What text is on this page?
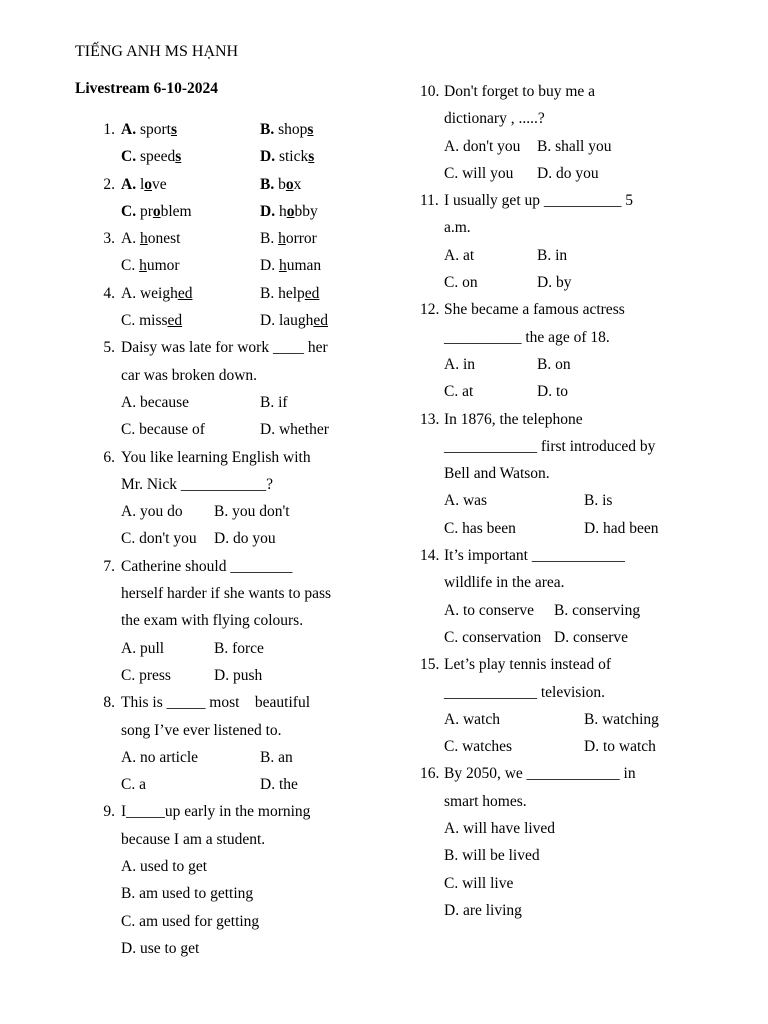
TIẾNG ANH MS HẠNH
Livestream 6-10-2024
1. A. sports	B. shops
C. speeds	D. sticks
2. A. love	B. box
C. problem	D. hobby
3. A. honest	B. horror
C. humor	D. human
4. A. weighed	B. helped
C. missed	D. laughed
5. Daisy was late for work ____ her
car was broken down.
A. because	B. if
C. because of	D. whether
6. You like learning English with
Mr. Nick ___________?
A. you do B. you don't
C. don't you D. do you
7. Catherine should ________
herself harder if she wants to pass
the exam with flying colours.
A. pull	B. force
C. press	D. push
8. This is _____ most    beautiful
song I’ve ever listened to.
A. no article	B. an
C. a	D. the
9. I_____up early in the morning
because I am a student.
A. used to get
B. am used to getting
C. am used for getting
D. use to get
10. Don't forget to buy me a
dictionary , .....?
A. don't you B. shall you
C. will you D. do you
11. I usually get up __________ 5
a.m.
A. at	B. in
C. on	D. by
12. She became a famous actress
__________ the age of 18.
A. in	B. on
C. at	D. to
13. In 1876, the telephone
____________ first introduced by
Bell and Watson.
A. was	B. is
C. has been	D. had been
14. It’s important ____________
wildlife in the area.
A. to conserve B. conserving
C. conservation D. conserve
15. Let’s play tennis instead of
____________ television.
A. watch	B. watching
C. watches	D. to watch
16. By 2050, we ____________ in
smart homes.
A. will have lived
B. will be lived
C. will live
D. are living
